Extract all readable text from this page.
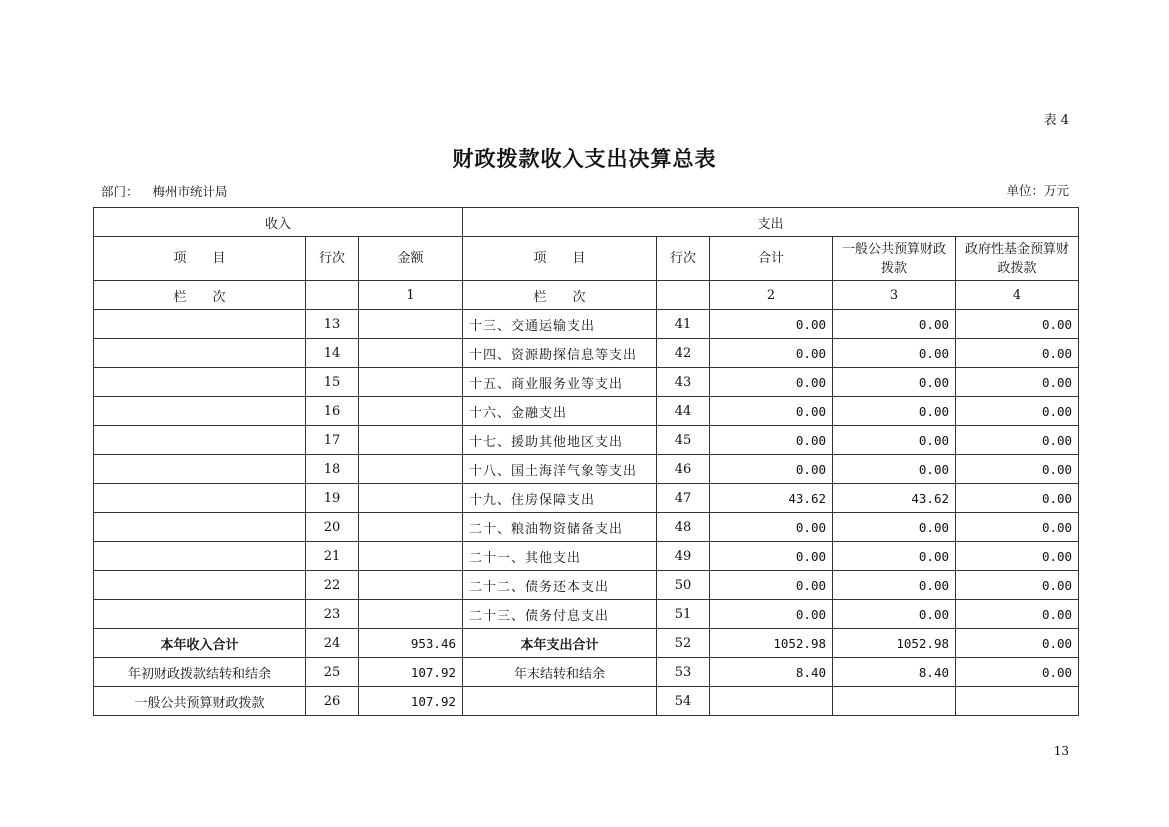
表 4
财政拨款收入支出决算总表
部门： 梅州市统计局	单位：万元
收入			支出				
项　　目	行次	金额	项　　目	行次	合计	一般公共预算财政拨款	政府性基金预算财政拨款
栏　　次		1	栏　　次		2	3	4
	13		十三、交通运输支出	41	0.00	0.00	0.00
	14		十四、资源勘探信息等支出	42	0.00	0.00	0.00
	15		十五、商业服务业等支出	43	0.00	0.00	0.00
	16		十六、金融支出	44	0.00	0.00	0.00
	17		十七、援助其他地区支出	45	0.00	0.00	0.00
	18		十八、国土海洋气象等支出	46	0.00	0.00	0.00
	19		十九、住房保障支出	47	43.62	43.62	0.00
	20		二十、粮油物资储备支出	48	0.00	0.00	0.00
	21		二十一、其他支出	49	0.00	0.00	0.00
	22		二十二、债务还本支出	50	0.00	0.00	0.00
	23		二十三、债务付息支出	51	0.00	0.00	0.00
本年收入合计	24	953.46	本年支出合计	52	1052.98	1052.98	0.00
年初财政拨款结转和结余	25	107.92	年末结转和结余	53	8.40	8.40	0.00
一般公共预算财政拨款	26	107.92		54			
13
